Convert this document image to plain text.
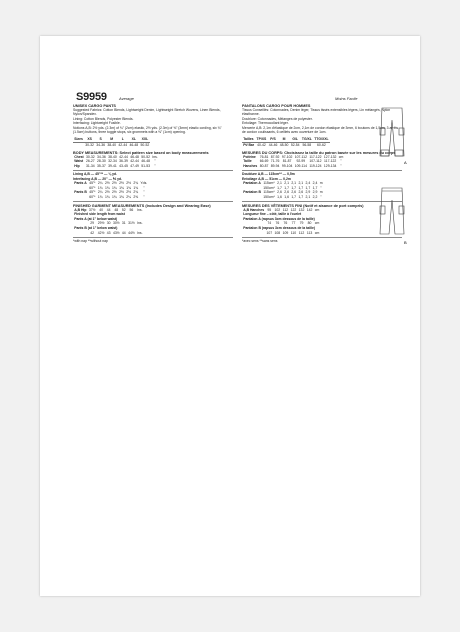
S9959	Average	Moins Facile
UNISEX CARGO PANTS
Suggested Fabrics: Cotton Blends, Lightweight Denim, Lightweight Stretch Wovens, Linen Blends, Nylon/Spandex.
Lining: Cotton Blends, Polyester Blends.
Interfacing: Lightweight Fusible.
Notions A,B: 2½ yds. (2.3m) of ¾" (2cm) elastic, 2½ yds. (2.3m) of ⅜" (3mm) elastic cording, six ¾" (1.5cm) buttons, three toggle stops, six grommets with a ⅜" (1cm) opening.
Sizes	XS	S	M	L	XL	XXL
	30-32	34-36	38-40	42-44	46-48	50-52
BODY MEASUREMENTS: Select pattern size based on body measurements
Chest	30-32	34-36	38-40	42-44	46-48	50-52	Ins.
Waist	26-27	28-30	32-34	36-39	42-44	46-48	"
Hip	31-34	35-37	39-41	43-45	47-49	51-53	"
Lining A,B — 45"** — ⅛ yd.
Interfacing A,B — 20" — ⅕ yd.
Pants A	45"*	2¼	2½	2½	2½	2½	2¾	Yds.
	60"*	1¾	1¾	1¾	1¾	1¾	1¾	"
Pants B	45"*	2¼	2½	2½	2½	2½	2¾	"
	60"*	1¾	1¾	1¾	1¾	2¼	2⅜	"
FINISHED GARMENT MEASUREMENTS (Includes Design and Wearing Ease)
A,B Hip	37½	40	44	48	52	56	Ins.
Finished side length from waist							
Pants A (at 1" below waist)							
	29	29½	30	30½	31	31½	Ins.
Pants B (at 1" below waist)							
	42	42½	43	43½	44	44½	Ins.
*with nap **without nap
PANTALONS CARGO POUR HOMMES
Tissus Conseillés: Cotonnades, Denim léger, Tissus tissés extensibles légers, Lin mélangés, Nylon élasthanne.
Doublure: Cotonnades, Mélanges de polyester.
Entoilage: Thermocollant léger.
Mercerie A,B: 2,1m d'élastique de 2cm, 2,1m de cordon élastique de 3mm, 6 boutons de 1,5cm, 3 arrêts de cordon coulissants, 6 oeillets avec ouverture de 1cm.
Tailles	TP/XS	P/S	M	G/L	TG/XL	TTG/XXL
Pt/ Bar	40-42	44-46	48-50	52-54	56-58	60-62
MESURES DU CORPS: Choisissez la taille du patron basée sur les mesures du corps
Poitrine	76-81	87-92	97-102	107-112	117-122	127-132	cm
Taille	66-69	71-76	81-87	92-99	107-112	117-122	"
Hanches	80-87	89-94	99-104	109-114	119-124	129-134	"
Doublure A,B — 115cm** — 0,5m
Entoilage A,B — 51cm — 0,2m
Pantalon A	115cm*	2,1	2,1	2,1	2,1	2,4	2,4	m
	150cm*	1,7	1,7	1,7	1,7	1,7	1,7	"
Pantalon B	115cm*	2,6	2,6	2,6	2,6	2,9	2,9	m
	150cm*	1,6	1,6	1,7	1,7	2,1	2,2	"
MESURES DES VÊTEMENTS FINI (Notif et aisance de port compris)
A,B Hanches	95	102	112	122	132	142	cm
Longueur fine – côté, taille à l'ourlet							
Pantalon A (rapsus 3cm dessous de la taille)							
	74	76	76	77	79	80	cm
Pantalon B (rapsus 3cm dessous de la taille)							
	107	108	109	110	112	113	cm
*avec sens **sans sens
A
B
